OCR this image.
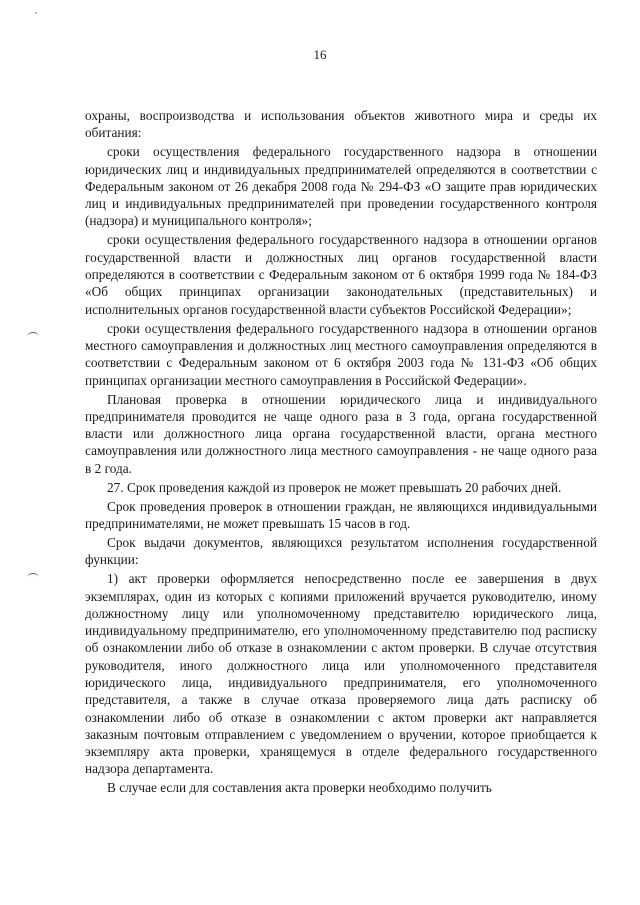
16

охраны, воспроизводства и использования объектов животного мира и среды их обитания:

сроки осуществления федерального государственного надзора в отношении юридических лиц и индивидуальных предпринимателей определяются в соответствии с Федеральным законом от 26 декабря 2008 года № 294-ФЗ «О защите прав юридических лиц и индивидуальных предпринимателей при проведении государственного контроля (надзора) и муниципального контроля»;

сроки осуществления федерального государственного надзора в отношении органов государственной власти и должностных лиц органов государственной власти определяются в соответствии с Федеральным законом от 6 октября 1999 года № 184-ФЗ «Об общих принципах организации законодательных (представительных) и исполнительных органов государственной власти субъектов Российской Федерации»;

сроки осуществления федерального государственного надзора в отношении органов местного самоуправления и должностных лиц местного самоуправления определяются в соответствии с Федеральным законом от 6 октября 2003 года № 131-ФЗ «Об общих принципах организации местного самоуправления в Российской Федерации».

Плановая проверка в отношении юридического лица и индивидуального предпринимателя проводится не чаще одного раза в 3 года, органа государственной власти или должностного лица органа государственной власти, органа местного самоуправления или должностного лица местного самоуправления - не чаще одного раза в 2 года.

27. Срок проведения каждой из проверок не может превышать 20 рабочих дней.

Срок проведения проверок в отношении граждан, не являющихся индивидуальными предпринимателями, не может превышать 15 часов в год.

Срок выдачи документов, являющихся результатом исполнения государственной функции:

1) акт проверки оформляется непосредственно после ее завершения в двух экземплярах, один из которых с копиями приложений вручается руководителю, иному должностному лицу или уполномоченному представителю юридического лица, индивидуальному предпринимателю, его уполномоченному представителю под расписку об ознакомлении либо об отказе в ознакомлении с актом проверки. В случае отсутствия руководителя, иного должностного лица или уполномоченного представителя юридического лица, индивидуального предпринимателя, его уполномоченного представителя, а также в случае отказа проверяемого лица дать расписку об ознакомлении либо об отказе в ознакомлении с актом проверки акт направляется заказным почтовым отправлением с уведомлением о вручении, которое приобщается к экземпляру акта проверки, хранящемуся в отделе федерального государственного надзора департамента.

В случае если для составления акта проверки необходимо получить
